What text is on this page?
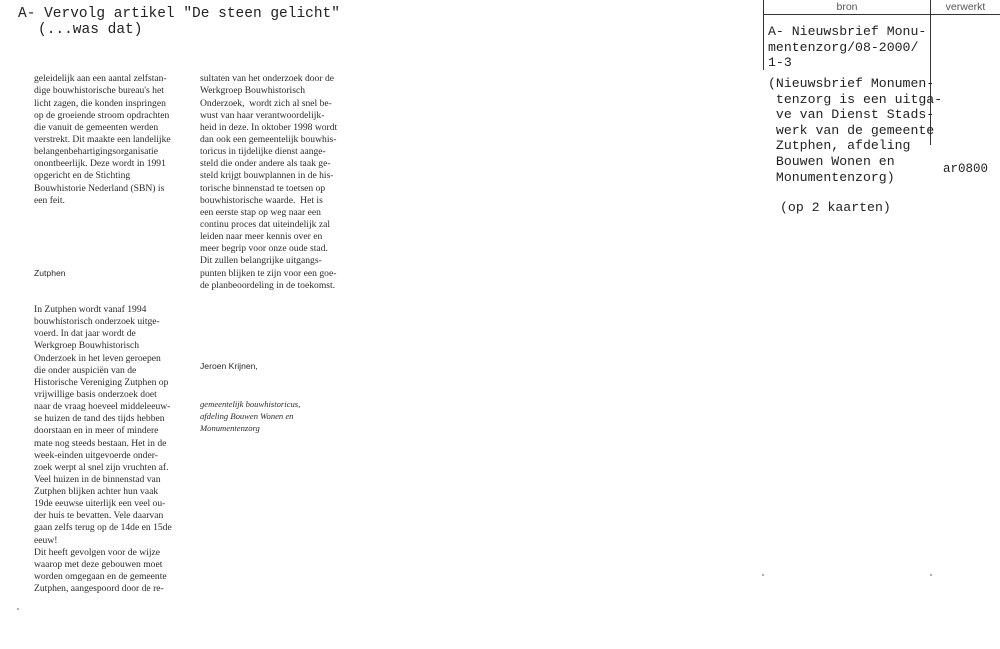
A- Vervolg artikel "De steen gelicht"
(...was dat)

geleidelijk aan een aantal zelfstan-
dige bouwhistorische bureau's het
licht zagen, die konden inspringen
op de groeiende stroom opdrachten
die vanuit de gemeenten werden
verstrekt. Dit maakte een landelijke
belangenbehartigingsorganisatie
onontbeerlijk. Deze wordt in 1991
opgericht en de Stichting
Bouwhistorie Nederland (SBN) is
een feit.

Zutphen

In Zutphen wordt vanaf 1994
bouwhistorisch onderzoek uitge-
voerd. In dat jaar wordt de
Werkgroep Bouwhistorisch
Onderzoek in het leven geroepen
die onder auspiciën van de
Historische Vereniging Zutphen op
vrijwillige basis onderzoek doet
naar de vraag hoeveel middeleeuw-
se huizen de tand des tijds hebben
doorstaan en in meer of mindere
mate nog steeds bestaan. Het in de
week-einden uitgevoerde onder-
zoek werpt al snel zijn vruchten af.
Veel huizen in de binnenstad van
Zutphen blijken achter hun vaak
19de eeuwse uiterlijk een veel ou-
der huis te bevatten. Vele daarvan
gaan zelfs terug op de 14de en 15de
eeuw!
Dit heeft gevolgen voor de wijze
waarop met deze gebouwen moet
worden omgegaan en de gemeente
Zutphen, aangespoord door de re-

sultaten van het onderzoek door de
Werkgroep Bouwhistorisch
Onderzoek,  wordt zich al snel be-
wust van haar verantwoordelijk-
heid in deze. In oktober 1998 wordt
dan ook een gemeentelijk bouwhis-
toricus in tijdelijke dienst aange-
steld die onder andere als taak ge-
steld krijgt bouwplannen in de his-
torische binnenstad te toetsen op
bouwhistorische waarde.  Het is
een eerste stap op weg naar een
continu proces dat uiteindelijk zal
leiden naar meer kennis over en
meer begrip voor onze oude stad.
Dit zullen belangrijke uitgangs-
punten blijken te zijn voor een goe-
de planbeoordeling in de toekomst.

Jeroen Krijnen,

gemeentelijk bouwhistoricus,
afdeling Bouwen Wonen en
Monumentenzorg

bron	verwerkt
A- Nieuwsbrief Monu-
mentenzorg/08-2000/
1-3
(Nieuwsbrief Monumen-
tenzorg is een uitga-
ve van Dienst Stads-
werk van de gemeente
Zutphen, afdeling
Bouwen Wonen en
Monumentenzorg)
ar0800
(op 2 kaarten)
